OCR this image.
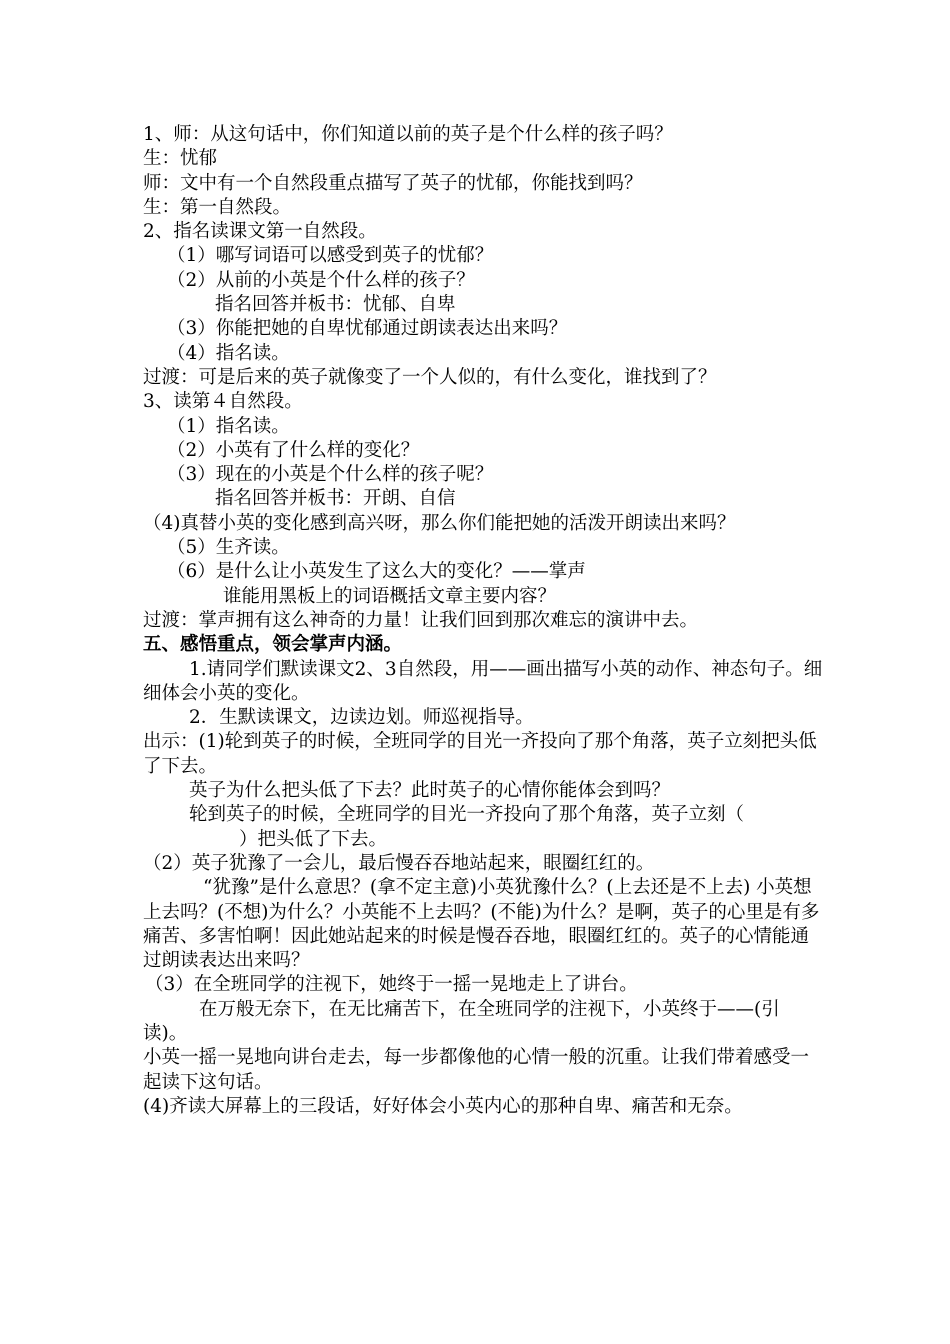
1、师：从这句话中，你们知道以前的英子是个什么样的孩子吗？
生：忧郁
师：文中有一个自然段重点描写了英子的忧郁，你能找到吗？
生：第一自然段。
2、指名读课文第一自然段。
（1）哪写词语可以感受到英子的忧郁？
（2）从前的小英是个什么样的孩子？
指名回答并板书：忧郁、自卑
（3）你能把她的自卑忧郁通过朗读表达出来吗？
（4）指名读。
过渡：可是后来的英子就像变了一个人似的，有什么变化，谁找到了？
3、读第４自然段。
（1）指名读。
（2）小英有了什么样的变化？
（3）现在的小英是个什么样的孩子呢？
指名回答并板书：开朗、自信
（4)真替小英的变化感到高兴呀，那么你们能把她的活泼开朗读出来吗？
（5）生齐读。
（6）是什么让小英发生了这么大的变化？——掌声
谁能用黑板上的词语概括文章主要内容？
过渡：掌声拥有这么神奇的力量！让我们回到那次难忘的演讲中去。
五、感悟重点，领会掌声内涵。
1.请同学们默读课文2、3自然段，用——画出描写小英的动作、神态句子。细细体会小英的变化。
2．生默读课文，边读边划。师巡视指导。
出示：(1)轮到英子的时候，全班同学的目光一齐投向了那个角落，英子立刻把头低了下去。
英子为什么把头低了下去？此时英子的心情你能体会到吗？
轮到英子的时候，全班同学的目光一齐投向了那个角落，英子立刻（）把头低了下去。
（2）英子犹豫了一会儿，最后慢吞吞地站起来，眼圈红红的。
“犹豫”是什么意思？(拿不定主意)小英犹豫什么？(上去还是不上去) 小英想上去吗？(不想)为什么？小英能不上去吗？(不能)为什么？是啊，英子的心里是有多痛苦、多害怕啊！因此她站起来的时候是慢吞吞地，眼圈红红的。英子的心情能通过朗读表达出来吗？
（3）在全班同学的注视下，她终于一摇一晃地走上了讲台。
在万般无奈下，在无比痛苦下，在全班同学的注视下，小英终于——(引读)。
小英一摇一晃地向讲台走去，每一步都像他的心情一般的沉重。让我们带着感受一起读下这句话。
(4)齐读大屏幕上的三段话，好好体会小英内心的那种自卑、痛苦和无奈。
